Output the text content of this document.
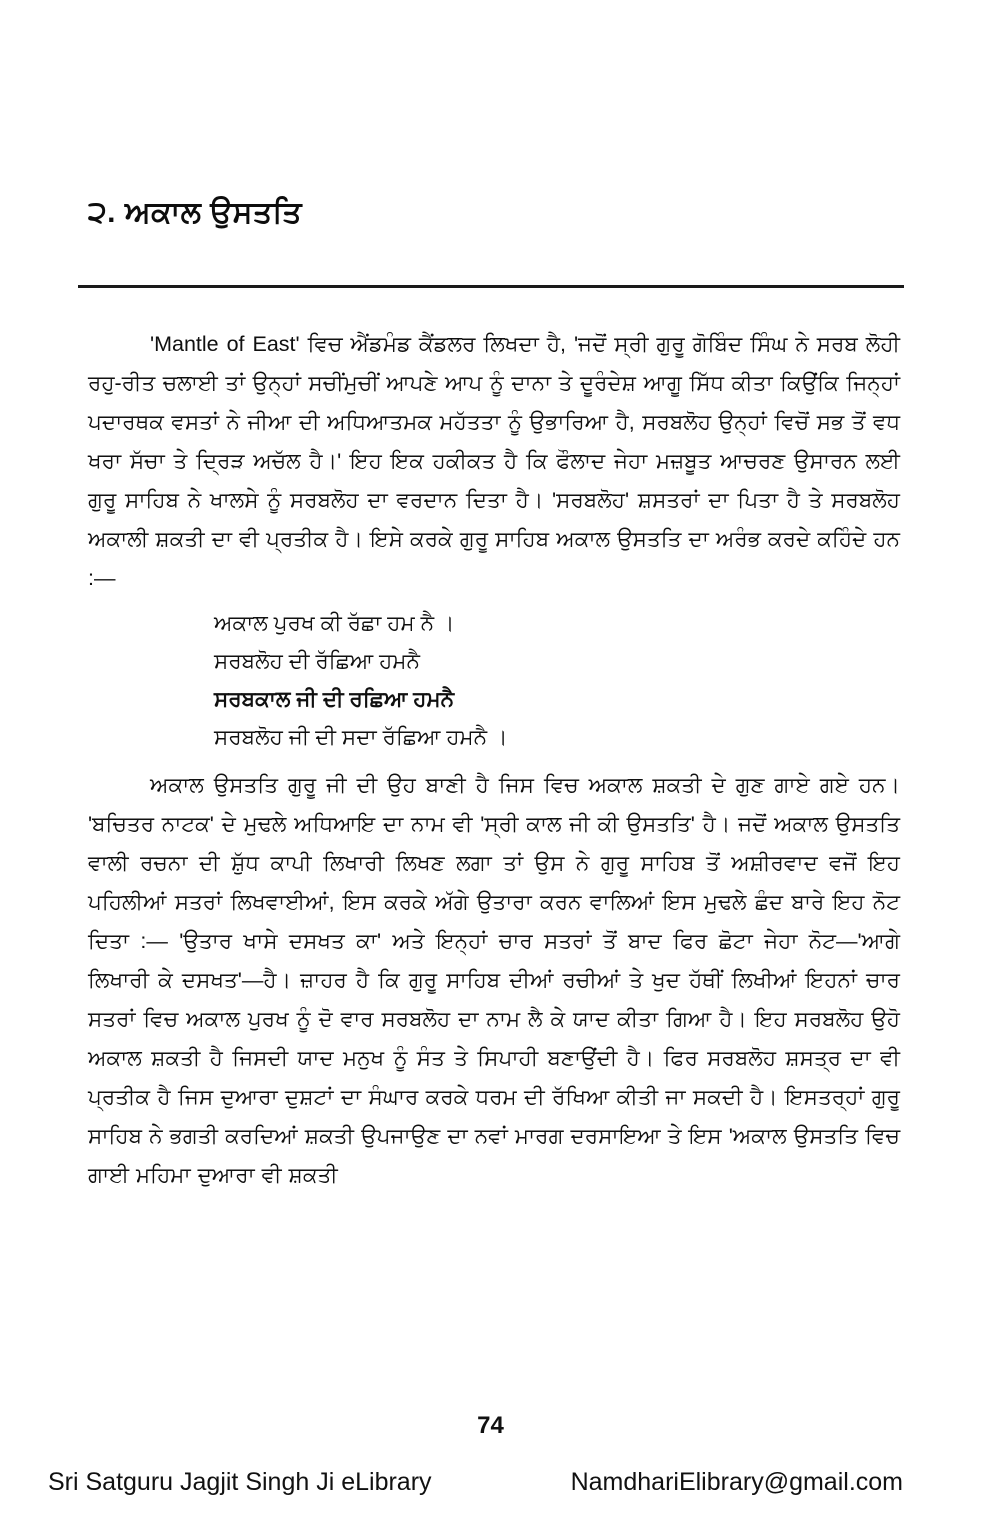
੨. ਅਕਾਲ ਉਸਤਤਿ

'Mantle of East' ਵਿਚ ਐਂਡਮੰਡ ਕੈਂਡਲਰ ਲਿਖਦਾ ਹੈ, 'ਜਦੋਂ ਸ੍ਰੀ ਗੁਰੂ ਗੋਬਿੰਦ ਸਿੰਘ ਨੇ ਸਰਬ ਲੋਹੀ ਰਹੁ-ਰੀਤ ਚਲਾਈ ਤਾਂ ਉਨ੍ਹਾਂ ਸਚੀਂਮੁਚੀਂ ਆਪਣੇ ਆਪ ਨੂੰ ਦਾਨਾ ਤੇ ਦੂਰੰਦੇਸ਼ ਆਗੂ ਸਿੱਧ ਕੀਤਾ ਕਿਉਂਕਿ ਜਿਨ੍ਹਾਂ ਪਦਾਰਥਕ ਵਸਤਾਂ ਨੇ ਜੀਆ ਦੀ ਅਧਿਆਤਮਕ ਮਹੱਤਤਾ ਨੂੰ ਉਭਾਰਿਆ ਹੈ, ਸਰਬਲੋਹ ਉਨ੍ਹਾਂ ਵਿਚੋਂ ਸਭ ਤੋਂ ਵਧ ਖਰਾ ਸੱਚਾ ਤੇ ਦ੍ਰਿੜ ਅਚੱਲ ਹੈ।' ਇਹ ਇਕ ਹਕੀਕਤ ਹੈ ਕਿ ਫੌਲਾਦ ਜੇਹਾ ਮਜ਼ਬੂਤ ਆਚਰਣ ਉਸਾਰਨ ਲਈ ਗੁਰੂ ਸਾਹਿਬ ਨੇ ਖਾਲਸੇ ਨੂੰ ਸਰਬਲੋਹ ਦਾ ਵਰਦਾਨ ਦਿਤਾ ਹੈ। 'ਸਰਬਲੋਹ' ਸ਼ਸਤਰਾਂ ਦਾ ਪਿਤਾ ਹੈ ਤੇ ਸਰਬਲੋਹ ਅਕਾਲੀ ਸ਼ਕਤੀ ਦਾ ਵੀ ਪ੍ਰਤੀਕ ਹੈ। ਇਸੇ ਕਰਕੇ ਗੁਰੂ ਸਾਹਿਬ ਅਕਾਲ ਉਸਤਤਿ ਦਾ ਅਰੰਭ ਕਰਦੇ ਕਹਿੰਦੇ ਹਨ :—

ਅਕਾਲ ਪੁਰਖ ਕੀ ਰੱਛਾ ਹਮ ਨੈ ।
ਸਰਬਲੋਹ ਦੀ ਰੱਛਿਆ ਹਮਨੈ
ਸਰਬਕਾਲ ਜੀ ਦੀ ਰਛਿਆ ਹਮਨੈ
ਸਰਬਲੋਹ ਜੀ ਦੀ ਸਦਾ ਰੱਛਿਆ ਹਮਨੈ ।

ਅਕਾਲ ਉਸਤਤਿ ਗੁਰੂ ਜੀ ਦੀ ਉਹ ਬਾਣੀ ਹੈ ਜਿਸ ਵਿਚ ਅਕਾਲ ਸ਼ਕਤੀ ਦੇ ਗੁਣ ਗਾਏ ਗਏ ਹਨ। 'ਬਚਿਤਰ ਨਾਟਕ' ਦੇ ਮੁਢਲੇ ਅਧਿਆਇ ਦਾ ਨਾਮ ਵੀ 'ਸ੍ਰੀ ਕਾਲ ਜੀ ਕੀ ਉਸਤਤਿ' ਹੈ। ਜਦੋਂ ਅਕਾਲ ਉਸਤਤਿ ਵਾਲੀ ਰਚਨਾ ਦੀ ਸ਼ੁੱਧ ਕਾਪੀ ਲਿਖਾਰੀ ਲਿਖਣ ਲਗਾ ਤਾਂ ਉਸ ਨੇ ਗੁਰੂ ਸਾਹਿਬ ਤੋਂ ਅਸ਼ੀਰਵਾਦ ਵਜੋਂ ਇਹ ਪਹਿਲੀਆਂ ਸਤਰਾਂ ਲਿਖਵਾਈਆਂ, ਇਸ ਕਰਕੇ ਅੱਗੇ ਉਤਾਰਾ ਕਰਨ ਵਾਲਿਆਂ ਇਸ ਮੁਢਲੇ ਛੰਦ ਬਾਰੇ ਇਹ ਨੋਟ ਦਿਤਾ :— 'ਉਤਾਰ ਖਾਸੇ ਦਸਖਤ ਕਾ' ਅਤੇ ਇਨ੍ਹਾਂ ਚਾਰ ਸਤਰਾਂ ਤੋਂ ਬਾਦ ਫਿਰ ਛੋਟਾ ਜੇਹਾ ਨੋਟ—'ਆਗੇ ਲਿਖਾਰੀ ਕੇ ਦਸਖਤ'—ਹੈ। ਜ਼ਾਹਰ ਹੈ ਕਿ ਗੁਰੂ ਸਾਹਿਬ ਦੀਆਂ ਰਚੀਆਂ ਤੇ ਖੁਦ ਹੱਥੀਂ ਲਿਖੀਆਂ ਇਹਨਾਂ ਚਾਰ ਸਤਰਾਂ ਵਿਚ ਅਕਾਲ ਪੁਰਖ ਨੂੰ ਦੋ ਵਾਰ ਸਰਬਲੋਹ ਦਾ ਨਾਮ ਲੈ ਕੇ ਯਾਦ ਕੀਤਾ ਗਿਆ ਹੈ। ਇਹ ਸਰਬਲੋਹ ਉਹੋ ਅਕਾਲ ਸ਼ਕਤੀ ਹੈ ਜਿਸਦੀ ਯਾਦ ਮਨੁਖ ਨੂੰ ਸੰਤ ਤੇ ਸਿਪਾਹੀ ਬਣਾਉਂਦੀ ਹੈ। ਫਿਰ ਸਰਬਲੋਹ ਸ਼ਸਤ੍ਰ ਦਾ ਵੀ ਪ੍ਰਤੀਕ ਹੈ ਜਿਸ ਦੁਆਰਾ ਦੁਸ਼ਟਾਂ ਦਾ ਸੰਘਾਰ ਕਰਕੇ ਧਰਮ ਦੀ ਰੱਖਿਆ ਕੀਤੀ ਜਾ ਸਕਦੀ ਹੈ। ਇਸਤਰ੍ਹਾਂ ਗੁਰੂ ਸਾਹਿਬ ਨੇ ਭਗਤੀ ਕਰਦਿਆਂ ਸ਼ਕਤੀ ਉਪਜਾਉਣ ਦਾ ਨਵਾਂ ਮਾਰਗ ਦਰਸਾਇਆ ਤੇ ਇਸ 'ਅਕਾਲ ਉਸਤਤਿ ਵਿਚ ਗਾਈ ਮਹਿਮਾ ਦੁਆਰਾ ਵੀ ਸ਼ਕਤੀ

74
Sri Satguru Jagjit Singh Ji eLibrary	NamdhariElibrary@gmail.com
